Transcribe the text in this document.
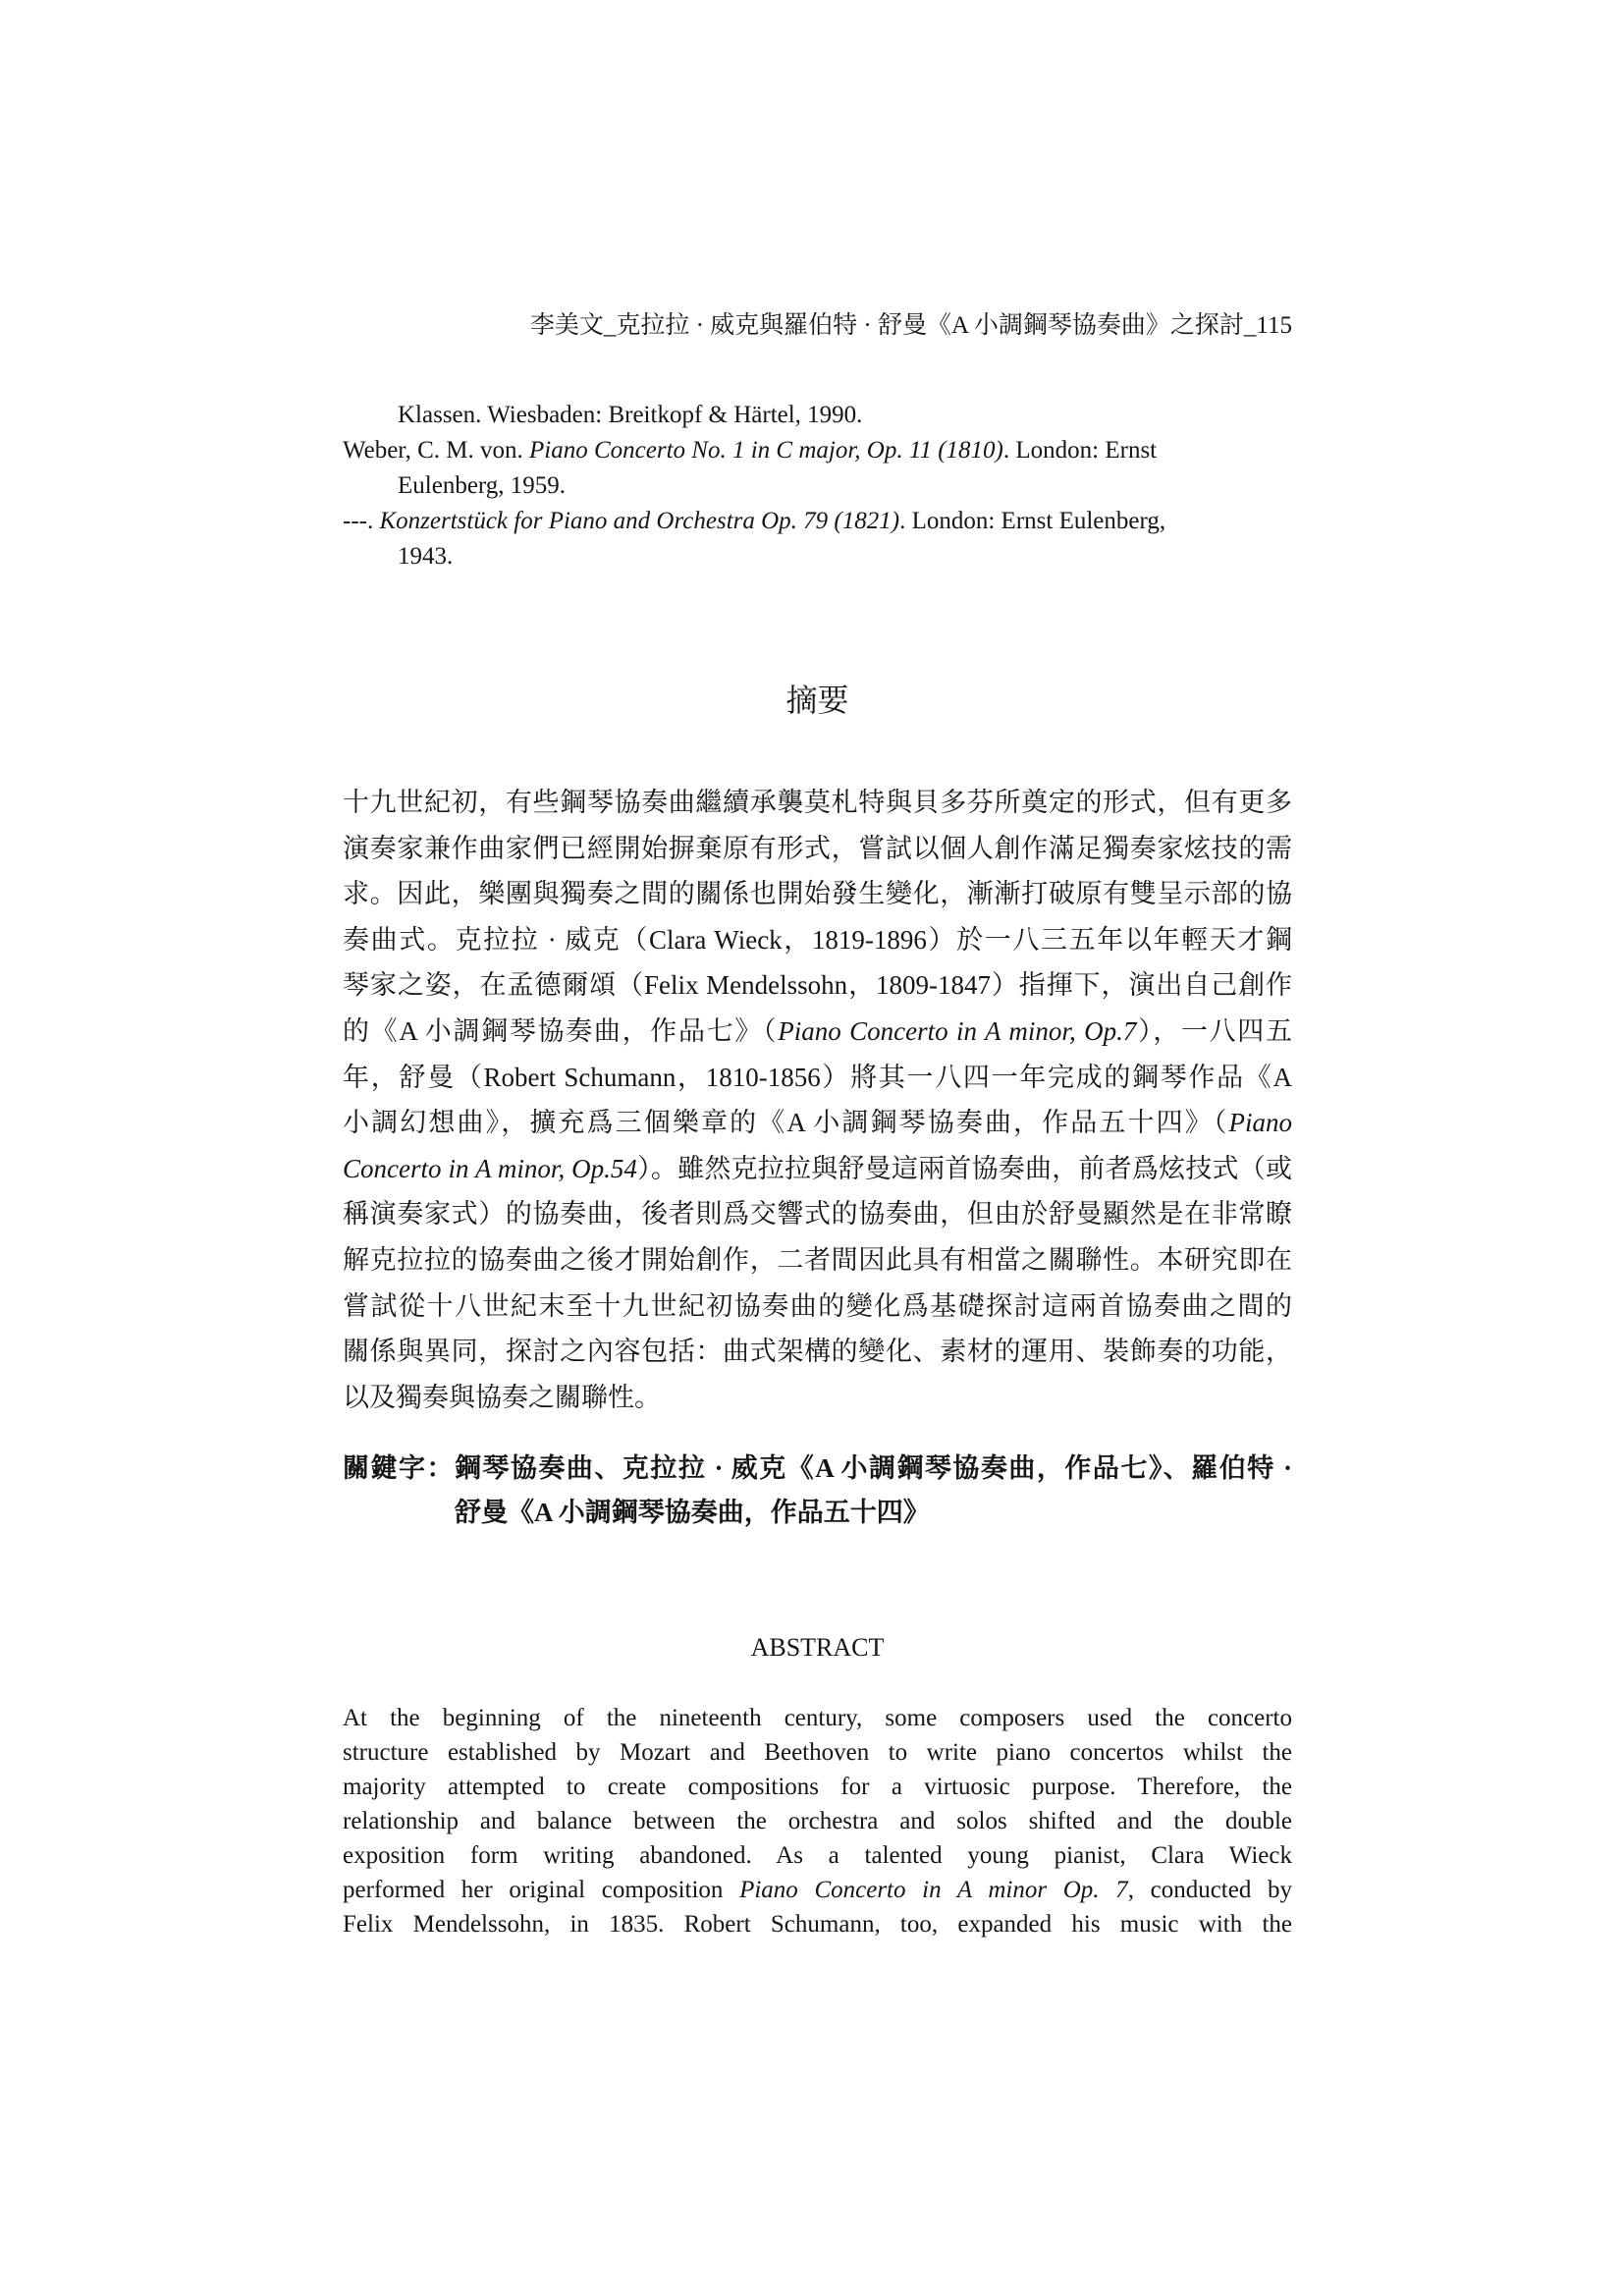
李美文_克拉拉 · 威克與羅伯特 · 舒曼《A 小調鋼琴協奏曲》之探討_115
Klassen. Wiesbaden: Breitkopf & Härtel, 1990.
Weber, C. M. von. Piano Concerto No. 1 in C major, Op. 11 (1810). London: Ernst
Eulenberg, 1959.
---. Konzertstück for Piano and Orchestra Op. 79 (1821). London: Ernst Eulenberg,
1943.
摘要
十九世紀初，有些鋼琴協奏曲繼續承襲莫札特與貝多芬所奠定的形式，但有更多
演奏家兼作曲家們已經開始摒棄原有形式，嘗試以個人創作滿足獨奏家炫技的需
求。因此，樂團與獨奏之間的關係也開始發生變化，漸漸打破原有雙呈示部的協
奏曲式。克拉拉 · 威克（Clara Wieck，1819-1896）於一八三五年以年輕天才鋼
琴家之姿，在孟德爾頌（Felix Mendelssohn，1809-1847）指揮下，演出自己創作
的《A 小調鋼琴協奏曲，作品七》（Piano Concerto in A minor, Op.7），一八四五
年，舒曼（Robert Schumann，1810-1856）將其一八四一年完成的鋼琴作品《A
小調幻想曲》，擴充爲三個樂章的《A 小調鋼琴協奏曲，作品五十四》（Piano
Concerto in A minor, Op.54）。雖然克拉拉與舒曼這兩首協奏曲，前者爲炫技式（或
稱演奏家式）的協奏曲，後者則爲交響式的協奏曲，但由於舒曼顯然是在非常瞭
解克拉拉的協奏曲之後才開始創作，二者間因此具有相當之關聯性。本研究即在
嘗試從十八世紀末至十九世紀初協奏曲的變化爲基礎探討這兩首協奏曲之間的
關係與異同，探討之內容包括：曲式架構的變化、素材的運用、裝飾奏的功能，
以及獨奏與協奏之關聯性。
關鍵字：鋼琴協奏曲、克拉拉 · 威克《A 小調鋼琴協奏曲，作品七》、羅伯特 ·
舒曼《A 小調鋼琴協奏曲，作品五十四》
ABSTRACT
At the beginning of the nineteenth century, some composers used the concerto
structure established by Mozart and Beethoven to write piano concertos whilst the
majority attempted to create compositions for a virtuosic purpose. Therefore, the
relationship and balance between the orchestra and solos shifted and the double
exposition form writing abandoned. As a talented young pianist, Clara Wieck
performed her original composition Piano Concerto in A minor Op. 7, conducted by
Felix Mendelssohn, in 1835. Robert Schumann, too, expanded his music with the
